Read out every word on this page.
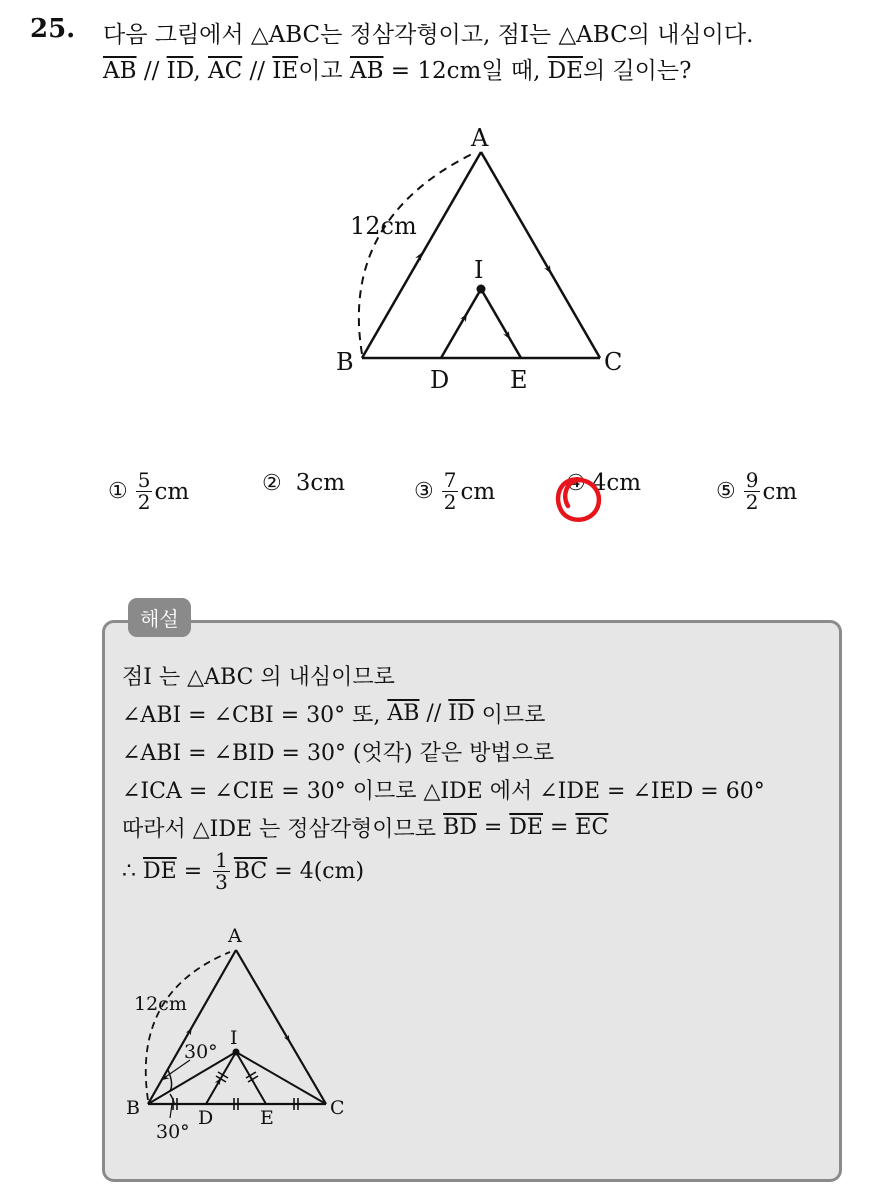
25. 다음 그림에서 △ABC는 정삼각형이고, 점I는 △ABC의 내심이다.
$\overline{AB} // \overline{ID}$, $\overline{AC} // \overline{IE}$이고 $\overline{AB} = 12cm$일 때, $\overline{DE}$의 길이는?
A
B	C
D	E
I
12cm
① $\frac{5}{2}$ cm	② 3cm	③ $\frac{7}{2}$ cm	④ 4cm	⑤ $\frac{9}{2}$ cm
해설
점I 는 △ABC 의 내심이므로
∠ABI = ∠CBI = 30° 또, $\overline{AB} // \overline{ID}$ 이므로
∠ABI = ∠BID = 30° (엇각) 같은 방법으로
∠ICA = ∠CIE = 30° 이므로 △IDE 에서 ∠IDE = ∠IED = 60°
따라서 △IDE 는 정삼각형이므로 $\overline{BD} = \overline{DE} = \overline{EC}$
∴ $\overline{DE} = \frac{1}{3} \overline{BC} = 4(cm)$
A
B	C
D E
I
12cm
30°
30°
